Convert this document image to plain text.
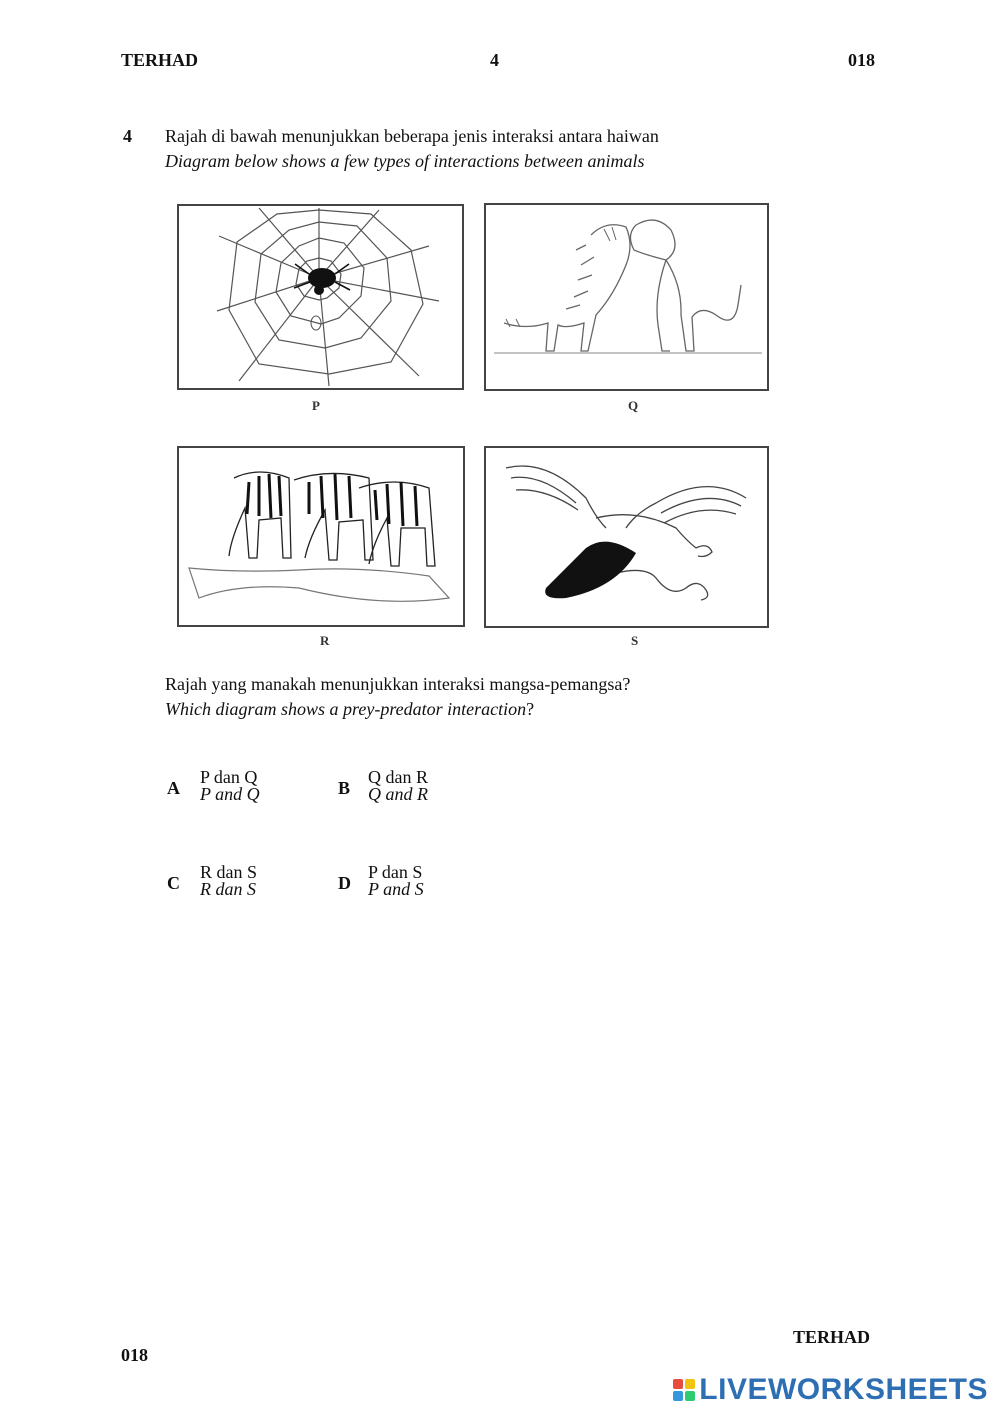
TERHAD	4	018
4 Rajah di bawah menunjukkan beberapa jenis interaksi antara haiwan
Diagram below shows a few types of interactions between animals
P	Q
R	S
Rajah yang manakah menunjukkan interaksi mangsa-pemangsa?
Which diagram shows a prey-predator interaction?
A
P dan Q
P and Q	B
Q dan R
Q and R
C
R dan S
R dan S	D
P dan S
P and S
TERHAD
018
LIVEWORKSHEETS
